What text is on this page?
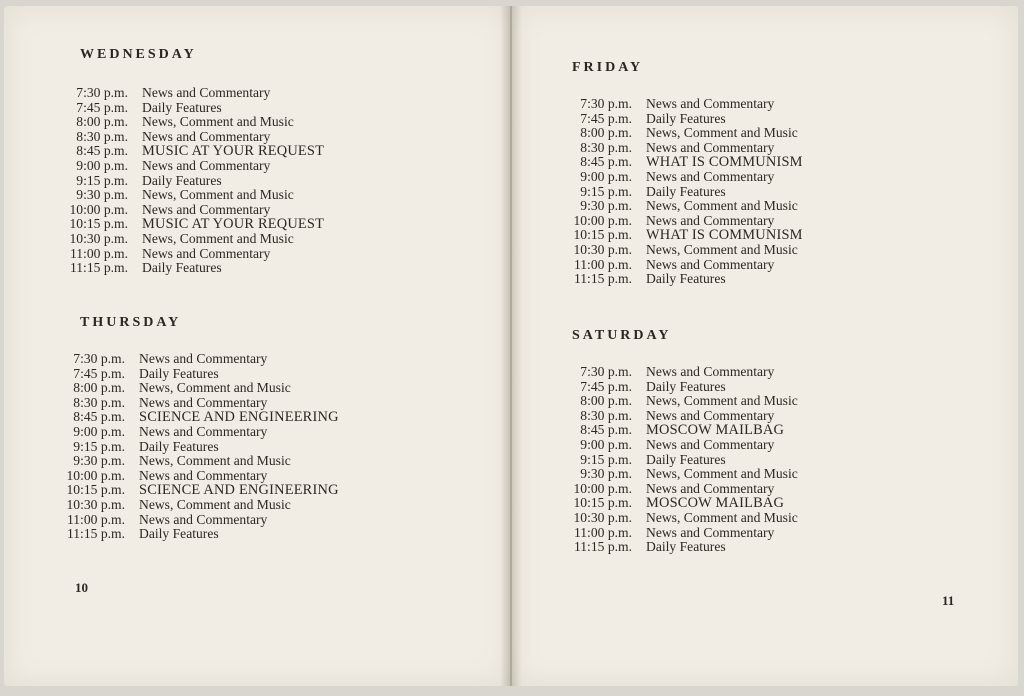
WEDNESDAY
7:30 p.m.	News and Commentary
7:45 p.m.	Daily Features
8:00 p.m.	News, Comment and Music
8:30 p.m.	News and Commentary
8:45 p.m. MUSIC AT YOUR REQUEST
9:00 p.m.	News and Commentary
9:15 p.m.	Daily Features
9:30 p.m.	News, Comment and Music
10:00 p.m.	News and Commentary
10:15 p.m. MUSIC AT YOUR REQUEST
10:30 p.m.	News, Comment and Music
11:00 p.m.	News and Commentary
11:15 p.m.	Daily Features
THURSDAY
7:30 p.m.	News and Commentary
7:45 p.m.	Daily Features
8:00 p.m.	News, Comment and Music
8:30 p.m.	News and Commentary
8:45 p.m. SCIENCE AND ENGINEERING
9:00 p.m.	News and Commentary
9:15 p.m.	Daily Features
9:30 p.m.	News, Comment and Music
10:00 p.m.	News and Commentary
10:15 p.m. SCIENCE AND ENGINEERING
10:30 p.m.	News, Comment and Music
11:00 p.m.	News and Commentary
11:15 p.m.	Daily Features
10
FRIDAY
7:30 p.m.	News and Commentary
7:45 p.m.	Daily Features
8:00 p.m.	News, Comment and Music
8:30 p.m.	News and Commentary
8:45 p.m. WHAT IS COMMUNISM
9:00 p.m.	News and Commentary
9:15 p.m.	Daily Features
9:30 p.m.	News, Comment and Music
10:00 p.m.	News and Commentary
10:15 p.m. WHAT IS COMMUNISM
10:30 p.m.	News, Comment and Music
11:00 p.m.	News and Commentary
11:15 p.m.	Daily Features
SATURDAY
7:30 p.m.	News and Commentary
7:45 p.m.	Daily Features
8:00 p.m.	News, Comment and Music
8:30 p.m.	News and Commentary
8:45 p.m. MOSCOW MAILBAG
9:00 p.m.	News and Commentary
9:15 p.m.	Daily Features
9:30 p.m.	News, Comment and Music
10:00 p.m.	News and Commentary
10:15 p.m. MOSCOW MAILBAG
10:30 p.m.	News, Comment and Music
11:00 p.m.	News and Commentary
11:15 p.m.	Daily Features
11
